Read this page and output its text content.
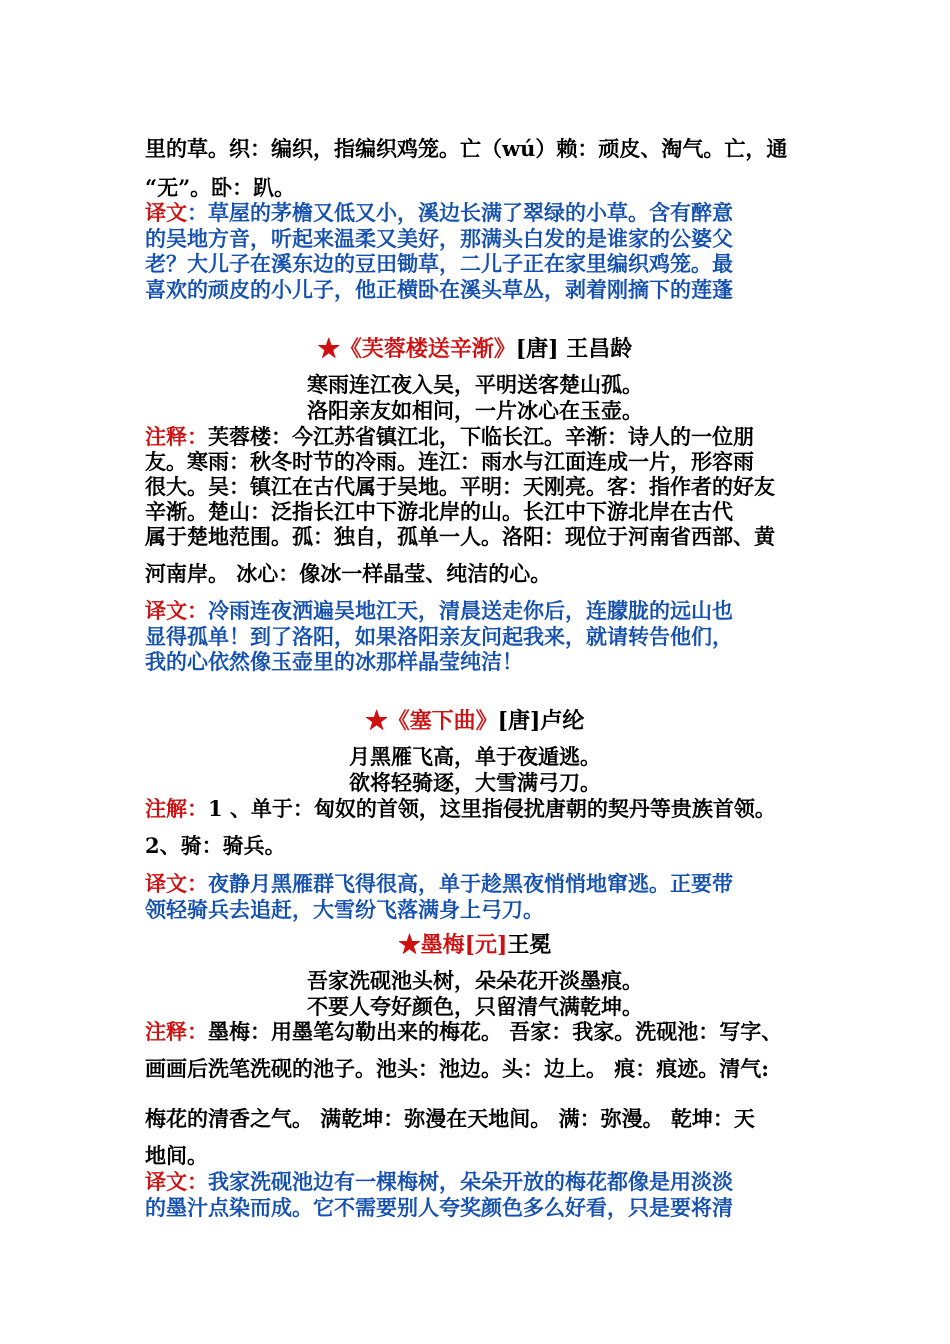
里的草。织：编织，指编织鸡笼。亡（wú）赖：顽皮、淘气。亡，通
“无”。卧：趴。
译文：草屋的茅檐又低又小，溪边长满了翠绿的小草。含有醉意
的吴地方音，听起来温柔又美好，那满头白发的是谁家的公婆父
老？大儿子在溪东边的豆田锄草，二儿子正在家里编织鸡笼。最
喜欢的顽皮的小儿子，他正横卧在溪头草丛，剥着刚摘下的莲蓬
★《芙蓉楼送辛渐》[唐] 王昌龄
寒雨连江夜入吴，平明送客楚山孤。
洛阳亲友如相问，一片冰心在玉壶。
注释：芙蓉楼：今江苏省镇江北，下临长江。辛渐：诗人的一位朋
友。寒雨：秋冬时节的冷雨。连江：雨水与江面连成一片，形容雨
很大。吴：镇江在古代属于吴地。平明：天刚亮。客：指作者的好友
辛渐。楚山：泛指长江中下游北岸的山。长江中下游北岸在古代
属于楚地范围。孤：独自，孤单一人。洛阳：现位于河南省西部、黄
河南岸。 冰心：像冰一样晶莹、纯洁的心。
译文：冷雨连夜洒遍吴地江天，清晨送走你后，连朦胧的远山也
显得孤单！到了洛阳，如果洛阳亲友问起我来，就请转告他们，
我的心依然像玉壶里的冰那样晶莹纯洁！
★《塞下曲》[唐]卢纶
月黑雁飞高，单于夜遁逃。
欲将轻骑逐，大雪满弓刀。
注解：1 、单于：匈奴的首领，这里指侵扰唐朝的契丹等贵族首领。
2、骑：骑兵。
译文：夜静月黑雁群飞得很高，单于趁黑夜悄悄地窜逃。正要带
领轻骑兵去追赶，大雪纷飞落满身上弓刀。
★墨梅[元]王冕
吾家洗砚池头树，朵朵花开淡墨痕。
不要人夸好颜色，只留清气满乾坤。
注释：墨梅：用墨笔勾勒出来的梅花。 吾家：我家。洗砚池：写字、
画画后洗笔洗砚的池子。池头：池边。头：边上。 痕：痕迹。清气:
梅花的清香之气。 满乾坤：弥漫在天地间。 满：弥漫。 乾坤：天
地间。
译文：我家洗砚池边有一棵梅树，朵朵开放的梅花都像是用淡淡
的墨汁点染而成。它不需要别人夸奖颜色多么好看，只是要将清
